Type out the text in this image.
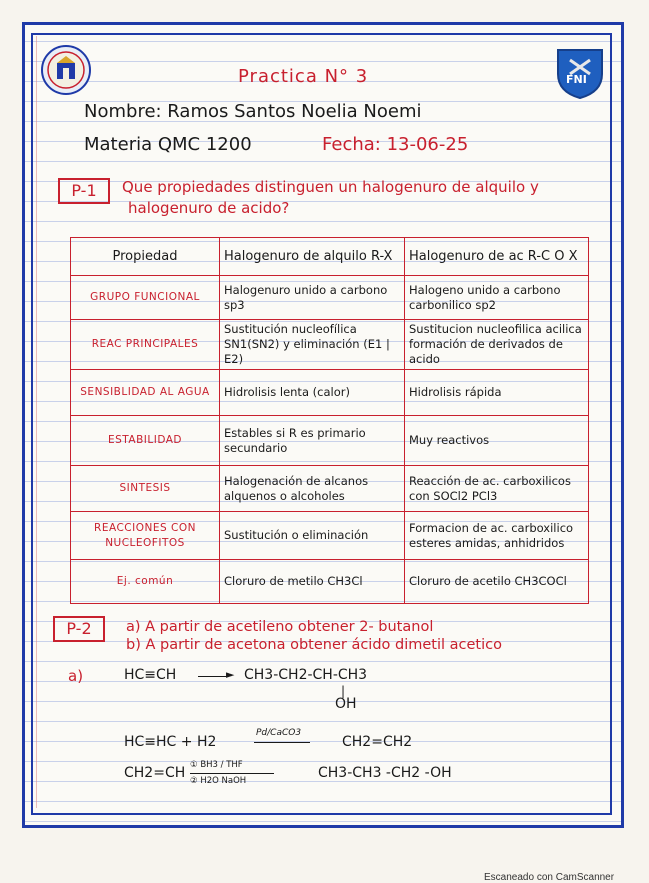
FNI
Practica N° 3
Nombre: Ramos Santos Noelia Noemi
Materia QMC 1200	Fecha: 13-06-25
P-1	Que propiedades distinguen un halogenuro de alquilo y
halogenuro de acido?
Propiedad	Halogenuro de alquilo R-X	Halogenuro de ac R-C O X
GRUPO FUNCIONAL	Halogenuro unido a carbono sp3	Halogeno unido a carbono carbonilico sp2
REAC PRINCIPALES	Sustitución nucleofílica SN1(SN2) y eliminación (E1 | E2)	Sustitucion nucleofilica acilica formación de derivados de acido
SENSIBLIDAD AL AGUA	Hidrolisis lenta (calor)	Hidrolisis rápida
ESTABILIDAD	Estables si R es primario secundario	Muy reactivos
SINTESIS	Halogenación de alcanos alquenos o alcoholes	Reacción de ac. carboxilicos con SOCl2 PCl3
REACCIONES CON NUCLEOFITOS	Sustitución o eliminación	Formacion de ac. carboxilico esteres amidas, anhidridos
Ej. común	Cloruro de metilo CH3Cl	Cloruro de acetilo CH3COCl
P-2	a) A partir de acetileno obtener 2- butanol
b) A partir de acetona obtener ácido dimetil acetico
a)	HC≡CH	► CH3-CH2-CH-CH3
|
OH
HC≡HC + H2
Pd/CaCO3
CH2=CH2
CH2=CH ① BH3 / THF
② H2O NaOH	CH3-CH3 -CH2 -OH
Escaneado con CamScanner
